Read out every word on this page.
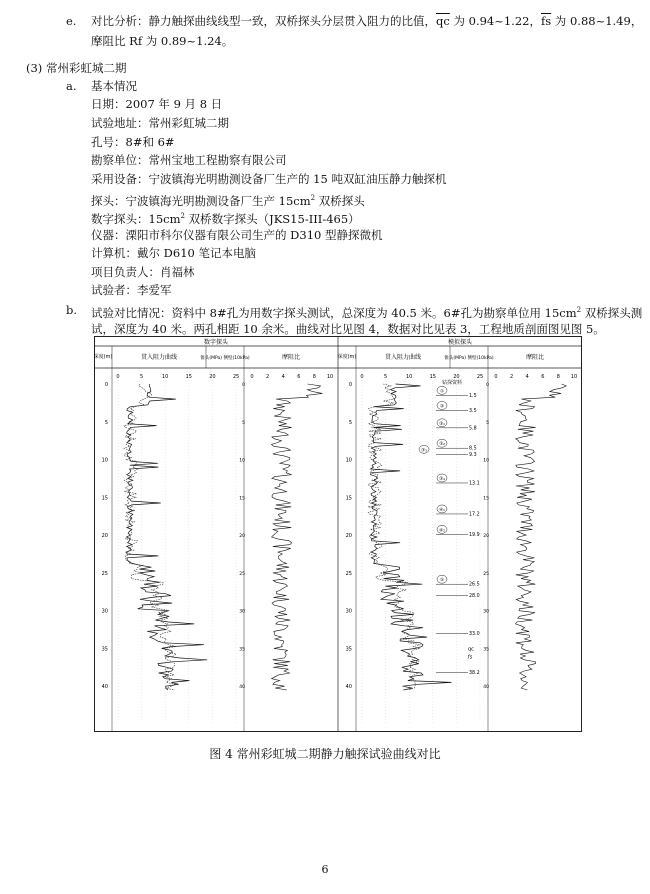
e. 对比分析：静力触探曲线线型一致，双桥探头分层贯入阻力的比值，$\overline{qc}$ 为 0.94~1.22，$\overline{fs}$ 为 0.88~1.49，
摩阻比 Rf 为 0.89~1.24。
(3) 常州彩虹城二期
a. 基本情况
日期：2007 年 9 月 8 日
试验地址：常州彩虹城二期
孔号：8#和 6#
勘察单位：常州宝地工程勘察有限公司
采用设备：宁波镇海光明勘测设备厂生产的 15 吨双缸油压静力触探机
探头：宁波镇海光明勘测设备厂生产 $15cm^2$ 双桥探头
数字探头：$15cm^2$ 双桥数字探头（JKS15-III-465）
仪器：溧阳市科尔仪器有限公司生产的 D310 型静探微机
计算机：戴尔 D610 笔记本电脑
项目负责人：肖福林
试验者：李爱军
b. 试验对比情况：资料中 8#孔为用数字探头测试，总深度为 40.5 米。6#孔为勘察单位用 $15cm^2$ 双桥探头测
试，深度为 40 米。两孔相距 10 余米。曲线对比见图 4，数据对比见表 3，工程地质剖面图见图 5。
数字探头	模拟探头
深度(m)	贯入阻力曲线	锥头(MPa) 侧壁(10kPa)	摩阻比	深度(m)	贯入阻力曲线	锥头(MPa) 侧壁(10kPa)	摩阻比
0	0
5	5
10	10
15	15
20	20
25	25
30	30
35	35
40	40
0	5	10	15	20	25 0 2 4 6 8 10
0	0
5	5
10	10
15	15
20	20
25	25
30	30
35	35
40	40
0	5	10	15	20	25 0 2 4 6 8 10
钻探资料
1.5
①
3.5
②
5.8
③₁
8.5
③₂
9.3
③₃
13.1
③₄
17.2
④₁
19.9
④₂
26.5
⑤
28.0
33.0
38.2
qc
fs
图 4 常州彩虹城二期静力触探试验曲线对比
6
